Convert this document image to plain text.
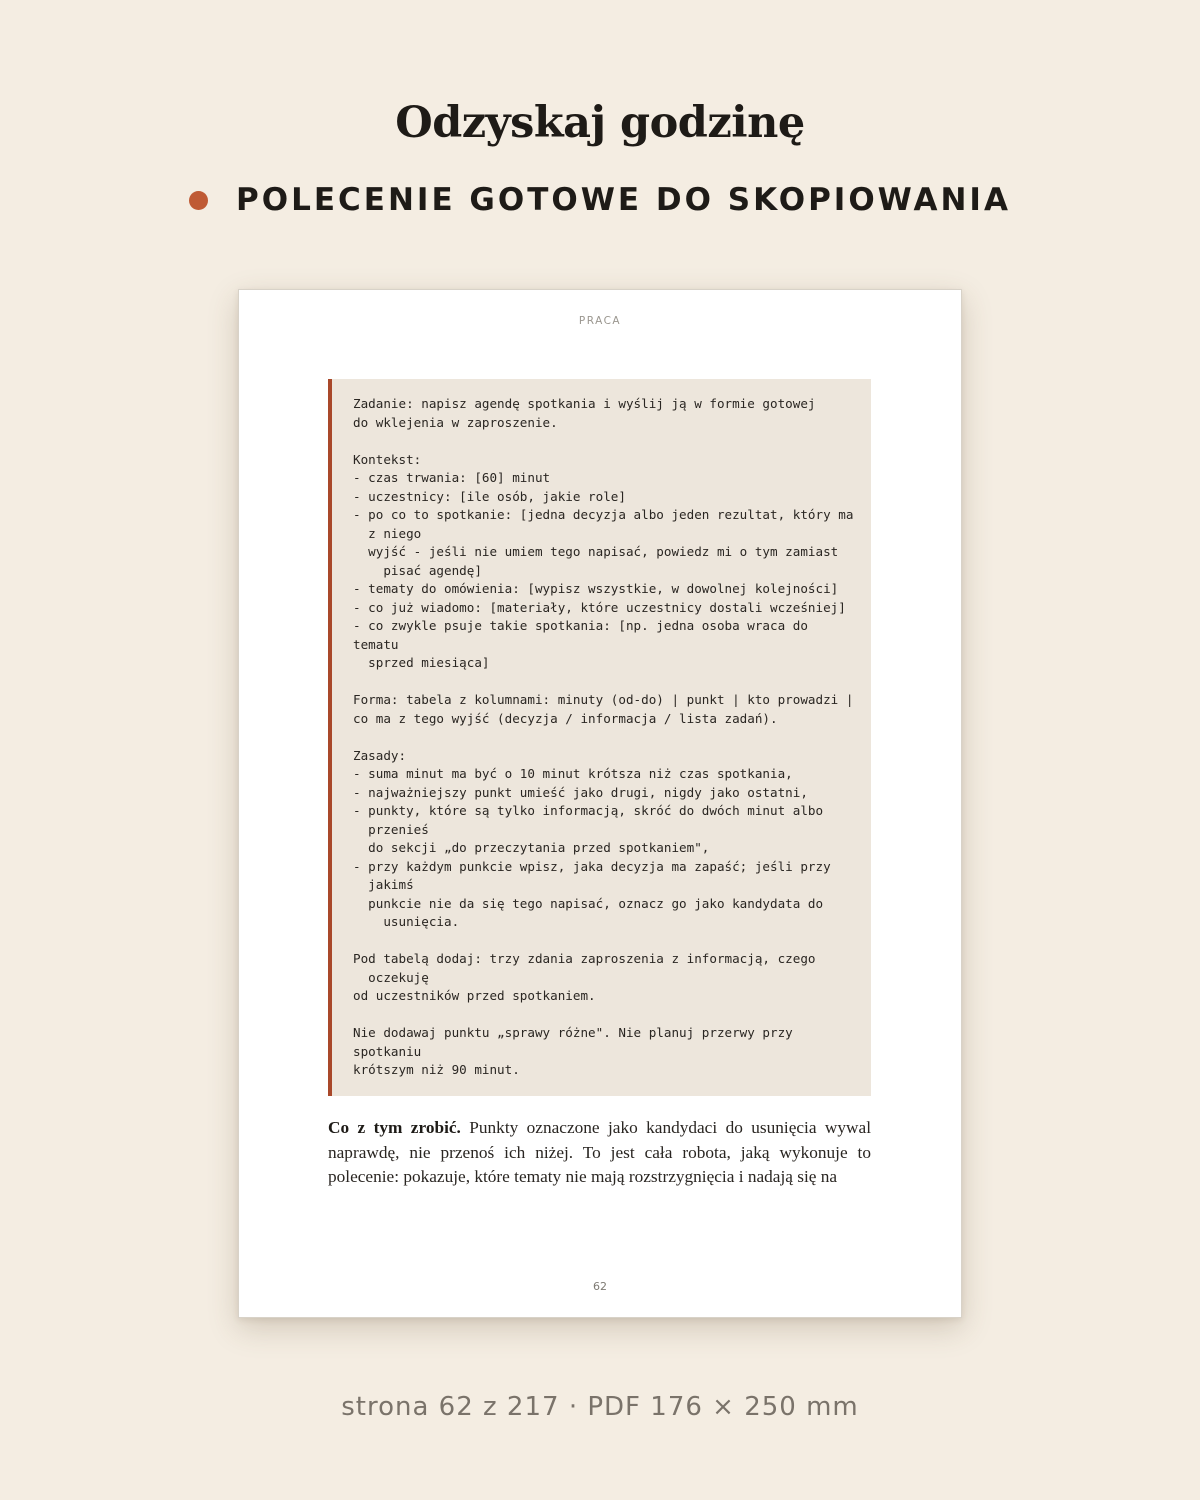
Odzyskaj godzinę
POLECENIE GOTOWE DO SKOPIOWANIA
PRACA
Zadanie: napisz agendę spotkania i wyślij ją w formie gotowej
do wklejenia w zaproszenie.

Kontekst:
- czas trwania: [60] minut
- uczestnicy: [ile osób, jakie role]
- po co to spotkanie: [jedna decyzja albo jeden rezultat, który ma
z niego
wyjść - jeśli nie umiem tego napisać, powiedz mi o tym zamiast
pisać agendę]
- tematy do omówienia: [wypisz wszystkie, w dowolnej kolejności]
- co już wiadomo: [materiały, które uczestnicy dostali wcześniej]
- co zwykle psuje takie spotkania: [np. jedna osoba wraca do
tematu
sprzed miesiąca]

Forma: tabela z kolumnami: minuty (od-do) | punkt | kto prowadzi |
co ma z tego wyjść (decyzja / informacja / lista zadań).

Zasady:
- suma minut ma być o 10 minut krótsza niż czas spotkania,
- najważniejszy punkt umieść jako drugi, nigdy jako ostatni,
- punkty, które są tylko informacją, skróć do dwóch minut albo
przenieś
do sekcji „do przeczytania przed spotkaniem",
- przy każdym punkcie wpisz, jaka decyzja ma zapaść; jeśli przy
jakimś
punkcie nie da się tego napisać, oznacz go jako kandydata do
usunięcia.

Pod tabelą dodaj: trzy zdania zaproszenia z informacją, czego
oczekuję
od uczestników przed spotkaniem.

Nie dodawaj punktu „sprawy różne". Nie planuj przerwy przy
spotkaniu
krótszym niż 90 minut.

Co z tym zrobić. Punkty oznaczone jako kandydaci do usunięcia wywal naprawdę, nie przenoś ich niżej. To jest cała robota, jaką wykonuje to polecenie: pokazuje, które tematy nie mają rozstrzygnięcia i nadają się na

62
strona 62 z 217 · PDF 176 × 250 mm
